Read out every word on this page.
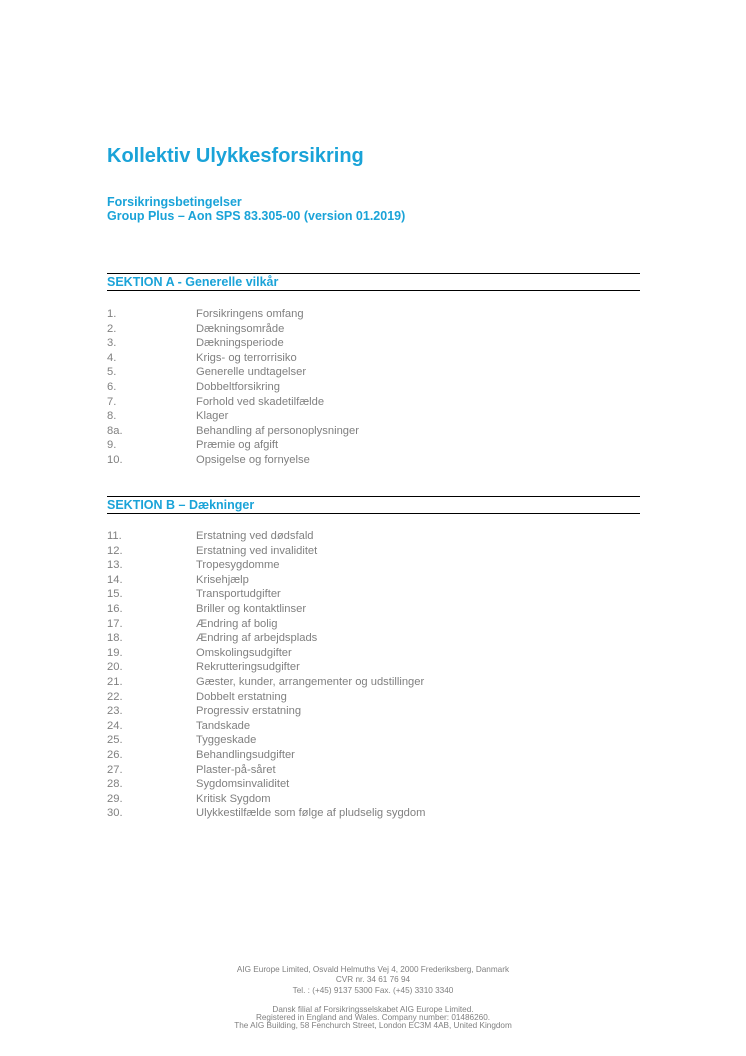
Kollektiv Ulykkesforsikring
Forsikringsbetingelser
Group Plus – Aon SPS 83.305-00 (version 01.2019)
SEKTION A - Generelle vilkår
1.	Forsikringens omfang
2.	Dækningsområde
3.	Dækningsperiode
4.	Krigs- og terrorrisiko
5.	Generelle undtagelser
6.	Dobbeltforsikring
7.	Forhold ved skadetilfælde
8.	Klager
8a.	Behandling af personoplysninger
9.	Præmie og afgift
10.	Opsigelse og fornyelse
SEKTION B – Dækninger
11.	Erstatning ved dødsfald
12.	Erstatning ved invaliditet
13.	Tropesygdomme
14.	Krisehjælp
15.	Transportudgifter
16.	Briller og kontaktlinser
17.	Ændring af bolig
18.	Ændring af arbejdsplads
19.	Omskolingsudgifter
20.	Rekrutteringsudgifter
21.	Gæster, kunder, arrangementer og udstillinger
22.	Dobbelt erstatning
23.	Progressiv erstatning
24.	Tandskade
25.	Tyggeskade
26.	Behandlingsudgifter
27.	Plaster-på-såret
28.	Sygdomsinvaliditet
29.	Kritisk Sygdom
30.	Ulykkestilfælde som følge af pludselig sygdom
AIG Europe Limited, Osvald Helmuths Vej 4, 2000 Frederiksberg, Danmark
CVR nr. 34 61 76 94
Tel. : (+45) 9137 5300 Fax. (+45) 3310 3340
Dansk filial af Forsikringsselskabet AIG Europe Limited.
Registered in England and Wales. Company number: 01486260.
The AIG Building, 58 Fenchurch Street, London EC3M 4AB, United Kingdom
